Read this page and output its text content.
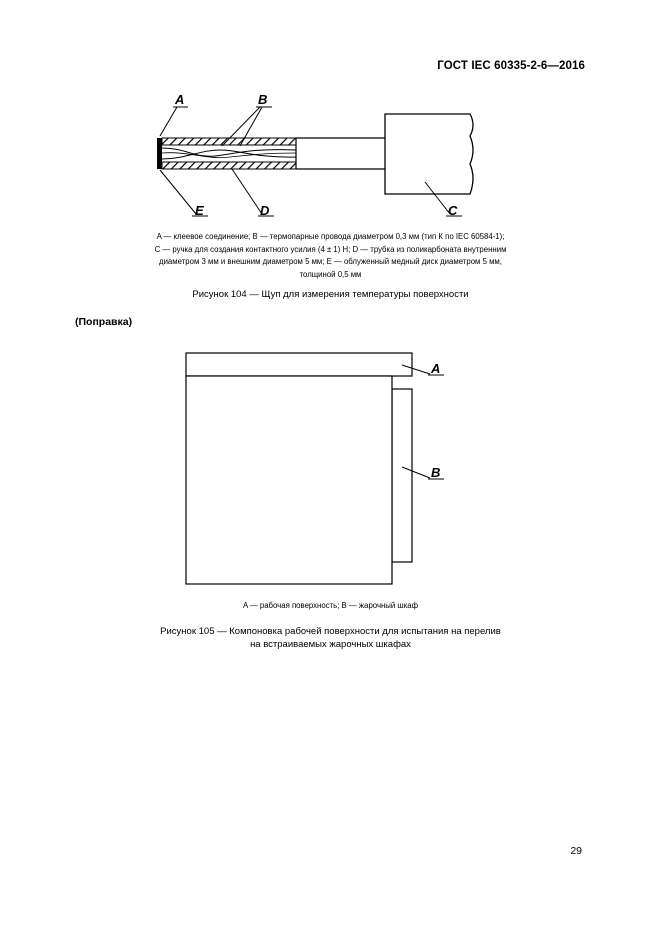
ГОСТ IEC 60335-2-6—2016
A	B
E	D	C
A
B

A — клеевое соединение; B — термопарные провода диаметром 0,3 мм (тип К по IEC 60584-1);

C — ручка для создания контактного усилия (4 ± 1) Н; D — трубка из поликарбоната внутренним

диаметром 3 мм и внешним диаметром 5 мм; E — облуженный медный диск диаметром 5 мм,

толщиной 0,5 мм

Рисунок 104 — Щуп для измерения температуры поверхности

(Поправка)

A — рабочая поверхность; B — жарочный шкаф

Рисунок 105 — Компоновка рабочей поверхности для испытания на перелив

на встраиваемых жарочных шкафах

29
